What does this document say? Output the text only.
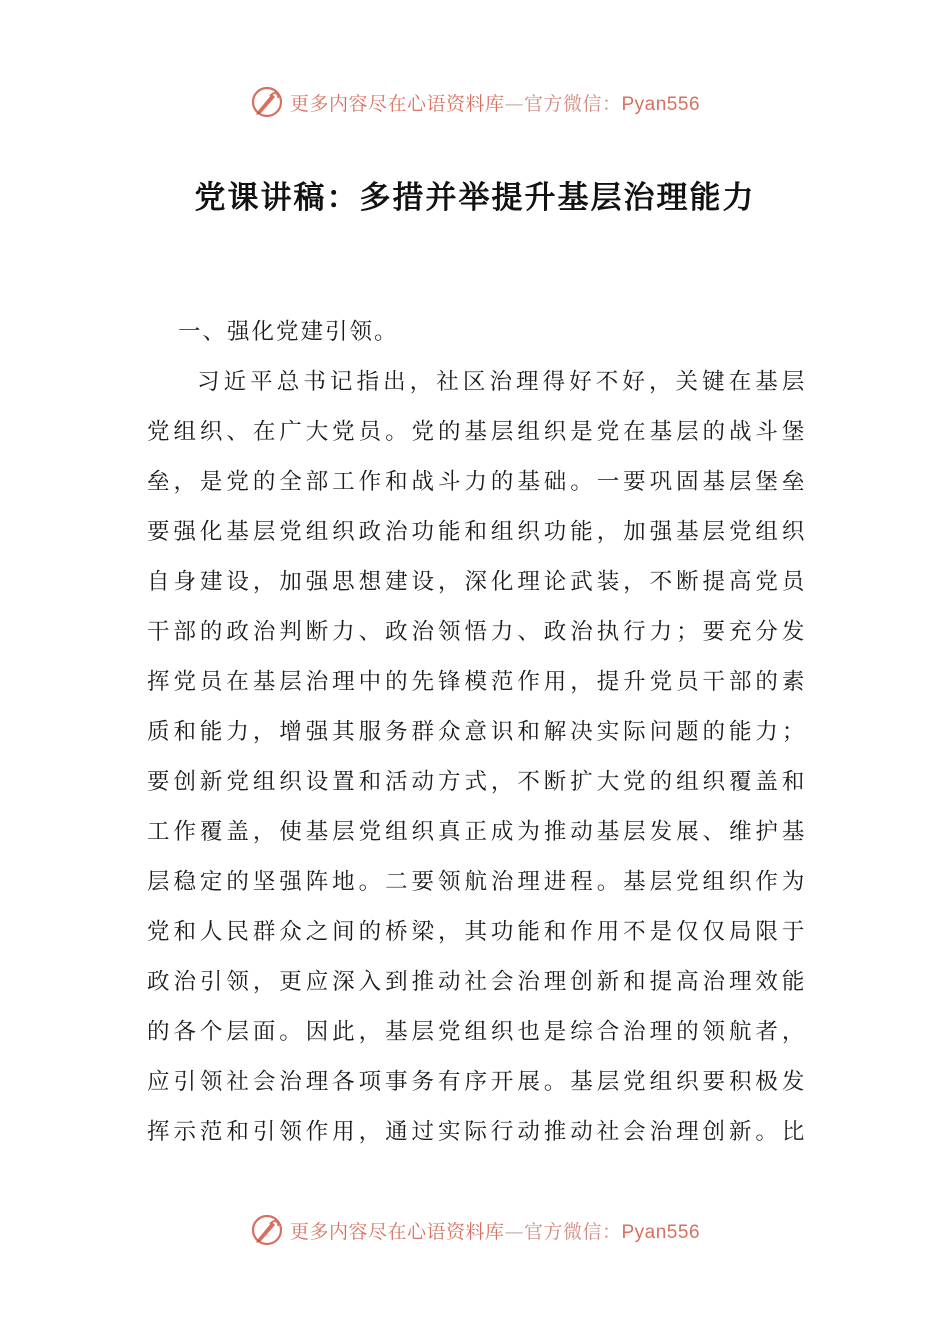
更多内容尽在心语资料库—官方微信：Pyan556
党课讲稿：多措并举提升基层治理能力
一、强化党建引领。
习近平总书记指出，社区治理得好不好，关键在基层
党组织、在广大党员。党的基层组织是党在基层的战斗堡
垒，是党的全部工作和战斗力的基础。一要巩固基层堡垒
要强化基层党组织政治功能和组织功能，加强基层党组织
自身建设，加强思想建设，深化理论武装，不断提高党员
干部的政治判断力、政治领悟力、政治执行力；要充分发
挥党员在基层治理中的先锋模范作用，提升党员干部的素
质和能力，增强其服务群众意识和解决实际问题的能力；
要创新党组织设置和活动方式，不断扩大党的组织覆盖和
工作覆盖，使基层党组织真正成为推动基层发展、维护基
层稳定的坚强阵地。二要领航治理进程。基层党组织作为
党和人民群众之间的桥梁，其功能和作用不是仅仅局限于
政治引领，更应深入到推动社会治理创新和提高治理效能
的各个层面。因此，基层党组织也是综合治理的领航者，
应引领社会治理各项事务有序开展。基层党组织要积极发
挥示范和引领作用，通过实际行动推动社会治理创新。比
更多内容尽在心语资料库—官方微信：Pyan556
